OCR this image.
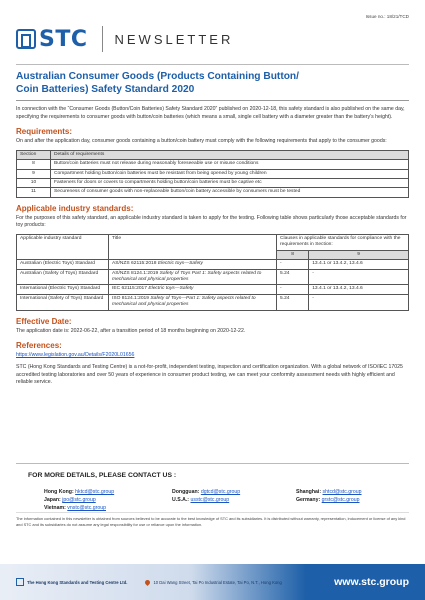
Issue no.: 18/21/TCD
STC NEWSLETTER
Australian Consumer Goods (Products Containing Button/
Coin Batteries) Safety Standard 2020

In connection with the “Consumer Goods (Button/Coin Batteries) Safety Standard 2020” published on 2020-12-18, this safety standard is also published on the same day, specifying the requirements to consumer goods with button/coin batteries (which means a small, single cell battery with a diameter greater than the battery’s height).

Requirements:

On and after the application day, consumer goods containing a button/coin battery must comply with the following requirements that apply to the consumer goods:

Section	Details of requirements
8	Button/coin batteries must not release during reasonably foreseeable use or misuse conditions
9	Compartment holding button/coin batteries must be resistant from being opened by young children
10	Fasteners for doors or covers to compartments holding button/coin batteries must be captive etc
11	Secureness of consumer goods with non-replaceable button/coin battery accessible by consumers must be tested
Applicable industry standards:

For the purposes of this safety standard, an applicable industry standard is taken to apply for the testing. Following table shows particularly those acceptable standards for toy products:

Applicable industry standard	Title	Clauses in applicable standards for compliance with the requirements in Section:	
		8	9
Australian (Electric Toys) Standard	AS/NZS 62115:2018 Electric toys—Safety	-	13.4.1 or 13.4.2, 13.4.6
Australian (Safety of Toys) Standard	AS/NZS 8124.1:2019 Safety of Toys Part 1: Safety aspects related to mechanical and physical properties	5.24	-
International (Electric Toys) Standard	IEC 62115:2017 Electric toys—Safety	-	13.4.1 or 13.4.2, 13.4.6
International (Safety of Toys) Standard	ISO 8124.1:2019 Safety of Toys—Part 1: Safety aspects related to mechanical and physical properties	5.24	-
Effective Date:

The application date is: 2022-06-22, after a transition period of 18 months beginning on 2020-12-22.

References:
https://www.legislation.gov.au/Details/F2020L01656

STC (Hong Kong Standards and Testing Centre) is a not-for-profit, independent testing, inspection and certification organization. With a global network of ISO/IEC 17025 accredited testing laboratories and over 50 years of experience in consumer product testing, we can meet your conformity assessment needs with highly efficient and reliable service.

FOR MORE DETAILS, PLEASE CONTACT US :
Hong Kong: hktcd@stc.group	Dongguan: dgtcd@stc.group	Shanghai: shtcd@stc.group
Japan: jpo@stc.group	U.S.A.: usstc@stc.group	Germany: grstc@stc.group
Vietnam: vnstc@stc.group
The information contained in this newsletter is obtained from sources believed to be accurate to the best knowledge of STC and its subsidiaries. It is distributed without warranty, representation, inducement or license of any kind and STC and its subsidiaries do not assume any legal responsibility for use or reliance upon the information.
The Hong Kong Standards and Testing Centre Ltd.	10 Dai Wang Street, Tai Po Industrial Estate, Tai Po, N.T., Hong Kong	www.stc.group
